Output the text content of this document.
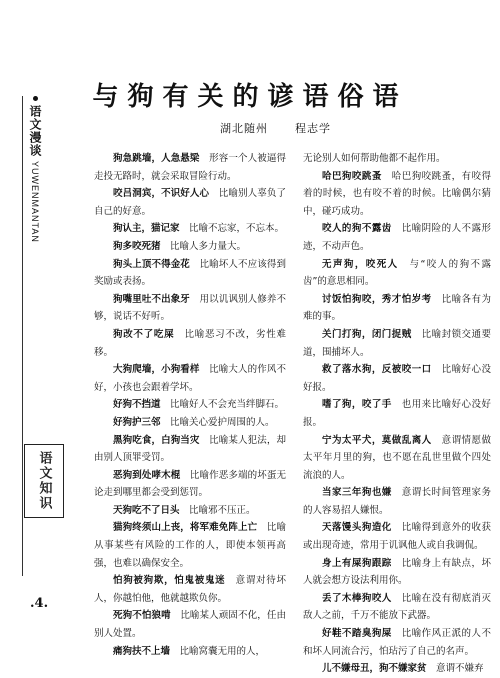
语文漫谈
YUWENMANTAN
语文知识
.4.
与狗有关的谚语俗语
湖北随州 程志学

狗急跳墙，人急悬梁　形容一个人被逼得走投无路时，就会采取冒险行动。

咬吕洞宾，不识好人心　比喻别人辜负了自己的好意。

狗认主，猫记家　比喻不忘家，不忘本。

狗多咬死猪　比喻人多力量大。

狗头上顶不得金花　比喻坏人不应该得到奖励或表扬。

狗嘴里吐不出象牙　用以讥讽别人修养不够，说话不好听。

狗改不了吃屎　比喻恶习不改，劣性难移。

大狗爬墙，小狗看样　比喻大人的作风不好，小孩也会跟着学坏。

好狗不挡道　比喻好人不会充当绊脚石。

好狗护三邻　比喻关心爱护周围的人。

黑狗吃食，白狗当灾　比喻某人犯法，却由别人顶罪受罚。

恶狗到处哮木棍　比喻作恶多端的坏蛋无论走到哪里都会受到惩罚。

天狗吃不了日头　比喻邪不压正。

猫狗终须山上丧，将军难免阵上亡　比喻从事某些有风险的工作的人，即使本领再高强，也难以确保安全。

怕狗被狗欺，怕鬼被鬼迷　意谓对待坏人，你越怕他，他就越欺负你。

死狗不怕狼啃　比喻某人顽固不化，任由别人处置。

痛狗扶不上墙　比喻窝囊无用的人，

无论别人如何帮助他都不起作用。

哈巴狗咬跳蚤　哈巴狗咬跳蚤，有咬得着的时候，也有咬不着的时候。比喻偶尔猜中，碰巧成功。

咬人的狗不露齿　比喻阴险的人不露形迹，不动声色。

无声狗，咬死人　与“咬人的狗不露齿”的意思相同。

讨饭怕狗咬，秀才怕岁考　比喻各有为难的事。

关门打狗，闭门捉贼　比喻封锁交通要道，围捕坏人。

救了落水狗，反被咬一口　比喻好心没好报。

嗜了狗，咬了手　也用来比喻好心没好报。

宁为太平犬，莫做乱离人　意谓情愿做太平年月里的狗，也不愿在乱世里做个四处流浪的人。

当家三年狗也嫌　意谓长时间管理家务的人容易招人嫌恨。

天落馒头狗造化　比喻得到意外的收获或出现奇迹，常用于讥讽他人或自我调侃。

身上有屎狗跟踪　比喻身上有缺点，坏人就会想方设法利用你。

丢了木棒狗咬人　比喻在没有彻底消灭敌人之前，千万不能放下武器。

好鞋不踏臭狗屎　比喻作风正派的人不和坏人同流合污，怕玷污了自己的名声。

儿不嫌母丑，狗不嫌家贫　意谓不嫌弃
